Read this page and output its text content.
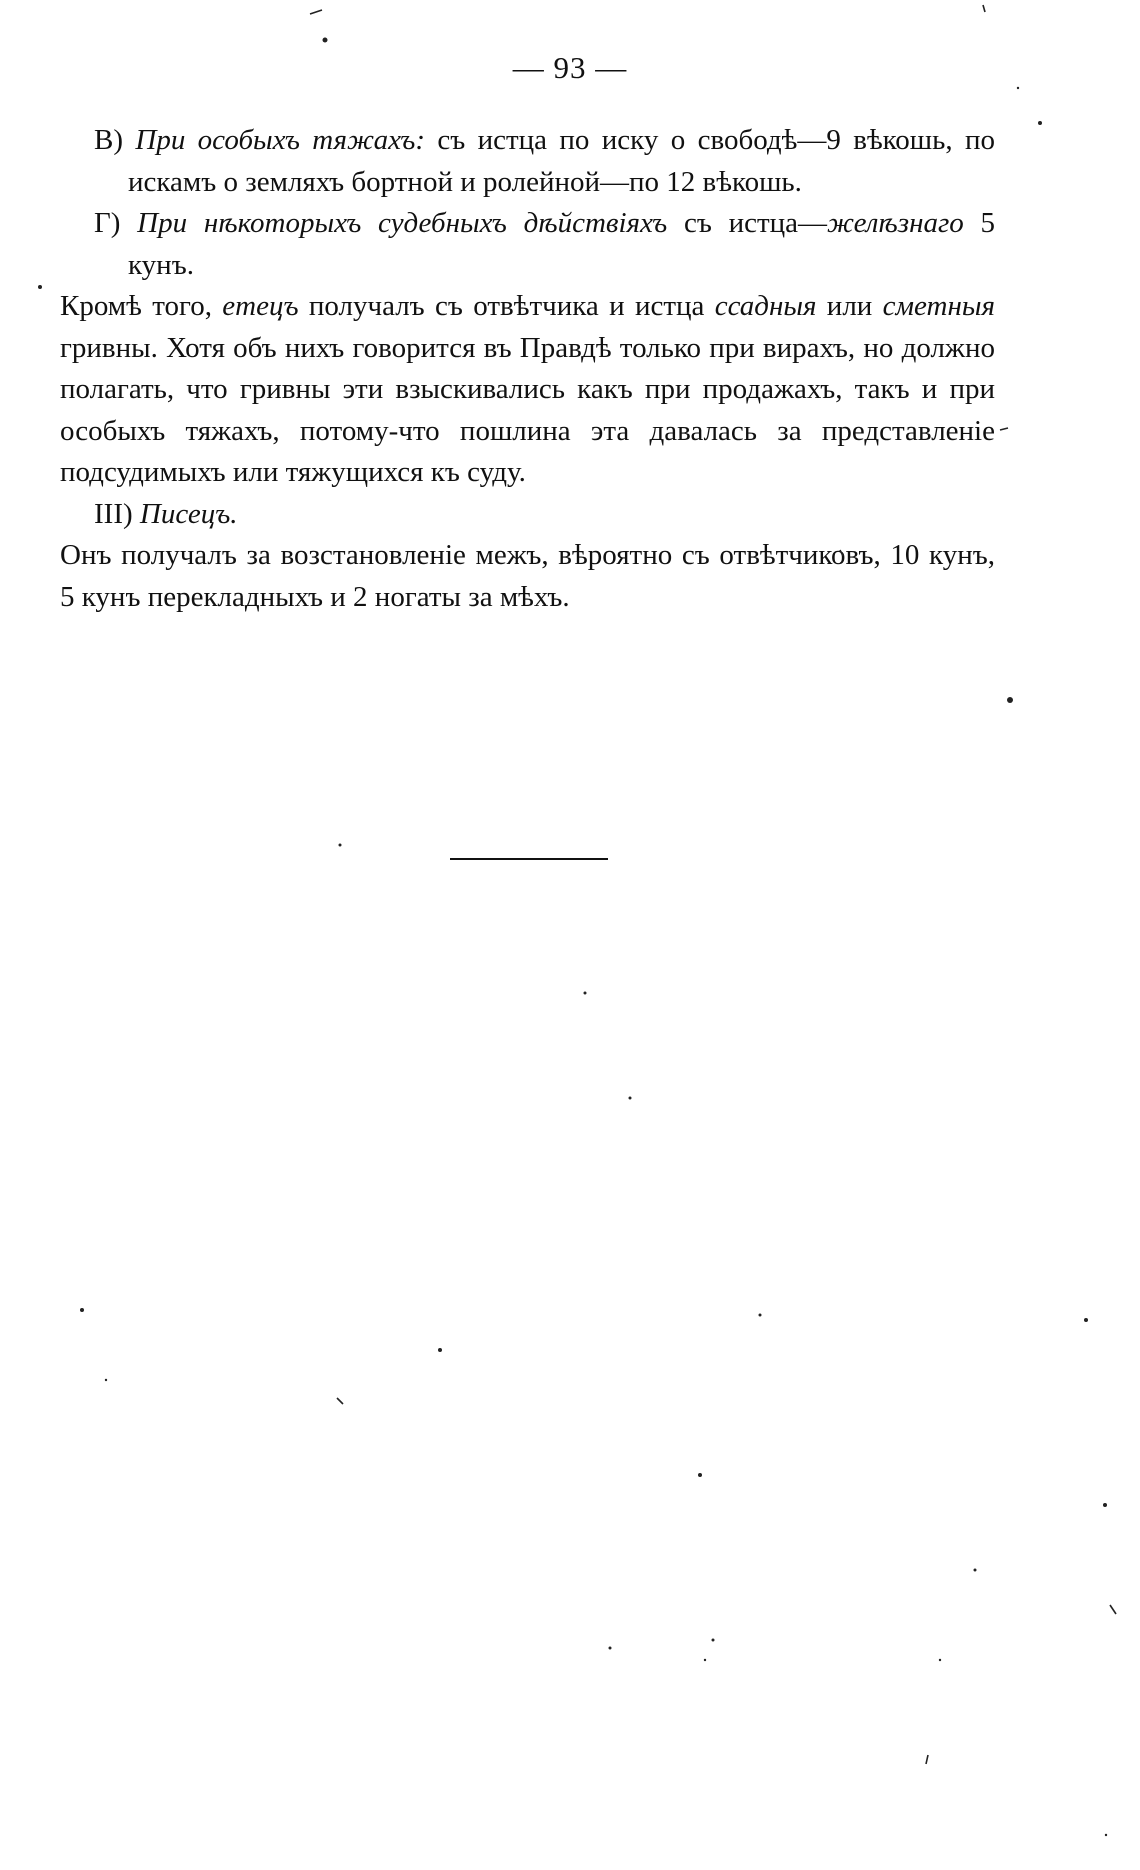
— 93 —

В) При особыхъ тяжахъ: съ истца по иску о свободѣ—9 вѣкошь, по искамъ о земляхъ бортной и ролейной—по 12 вѣкошь.

Г) При нѣкоторыхъ судебныхъ дѣйствіяхъ съ истца—желѣзнаго 5 кунъ.

Кромѣ того, emецъ получалъ съ отвѣтчика и истца ссадныя или сметныя гривны. Хотя объ нихъ говорится въ Правдѣ только при вирахъ, но должно полагать, что гривны эти взыскивались какъ при продажахъ, такъ и при особыхъ тяжахъ, потому-что пошлина эта давалась за представленіе подсудимыхъ или тяжущихся къ суду.

III) Писецъ.

Онъ получалъ за возстановленіе межъ, вѣроятно съ отвѣтчиковъ, 10 кунъ, 5 кунъ перекладныхъ и 2 ногаты за мѣхъ.
